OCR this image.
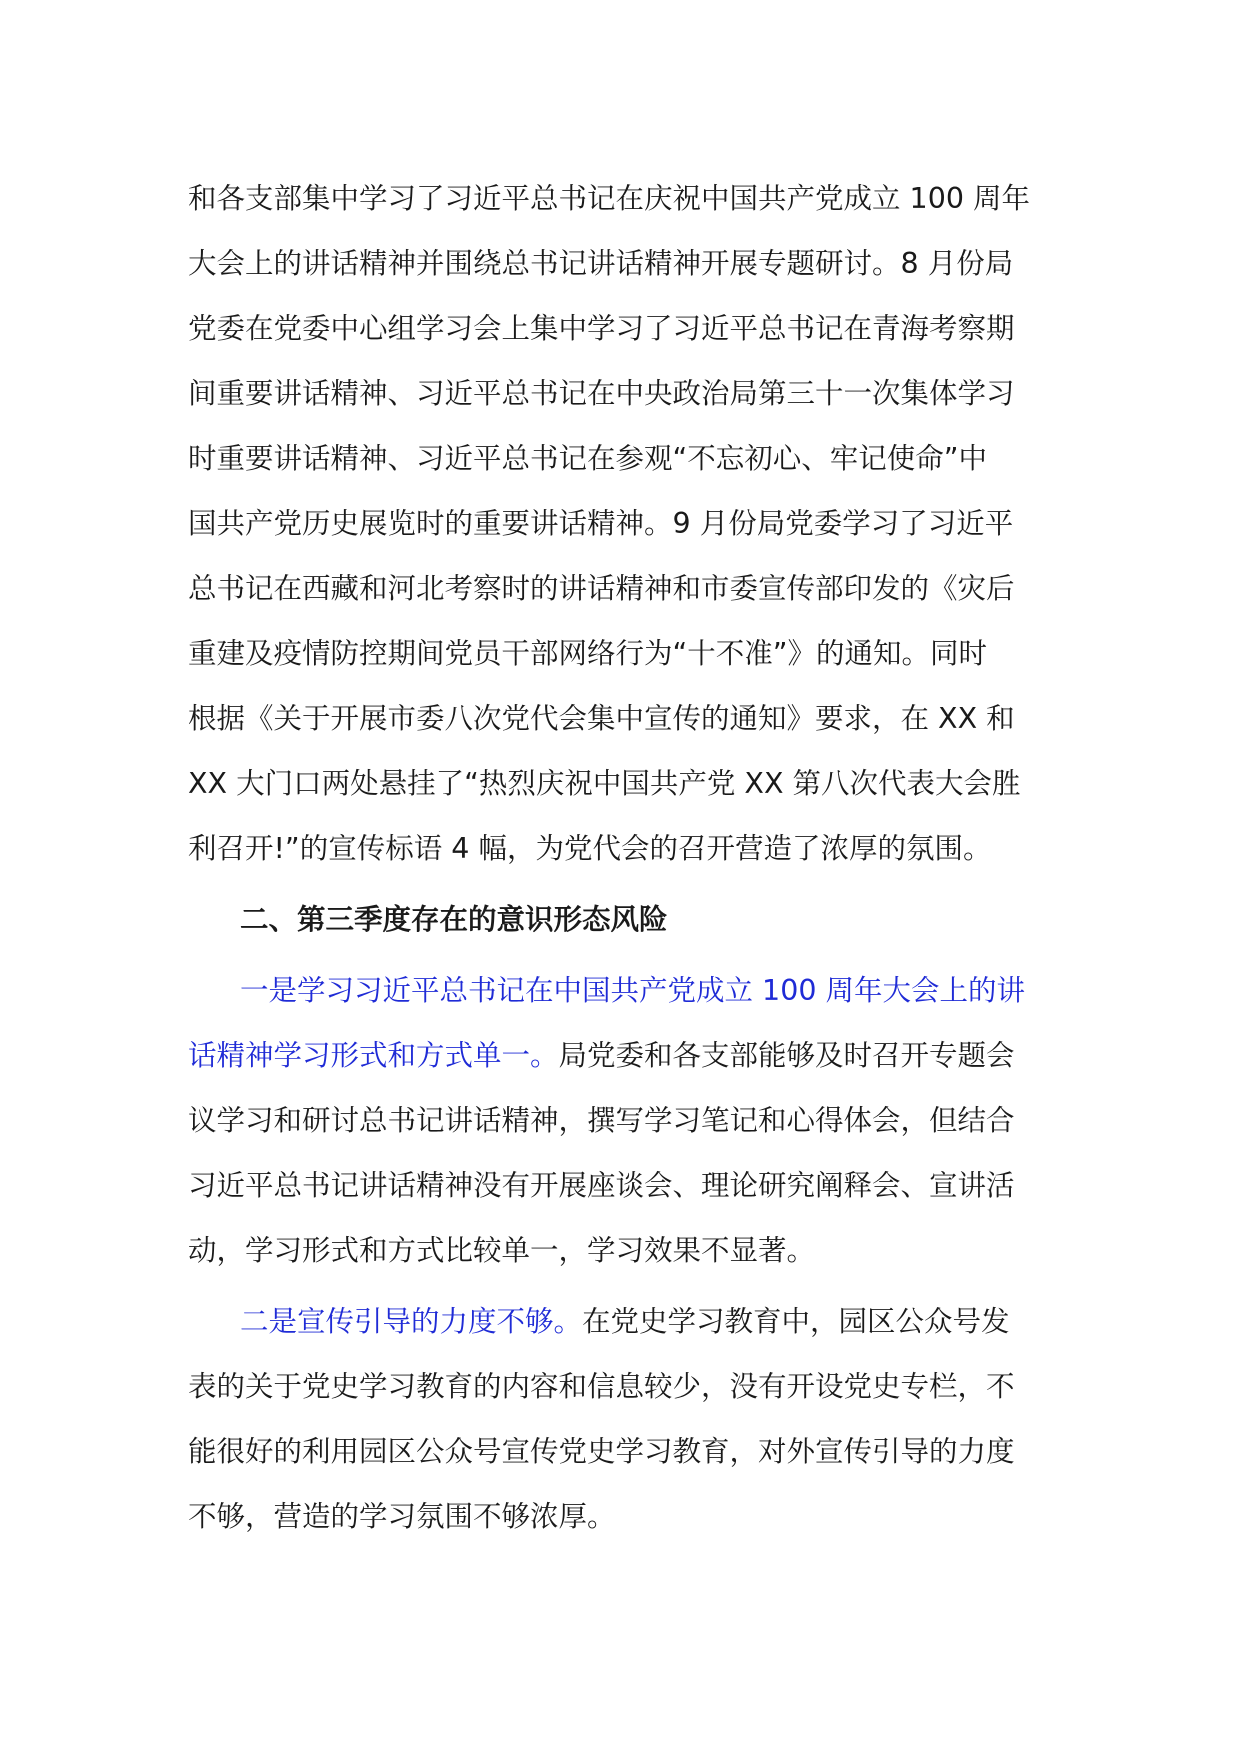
和各支部集中学习了习近平总书记在庆祝中国共产党成立 100 周年
大会上的讲话精神并围绕总书记讲话精神开展专题研讨。8 月份局
党委在党委中心组学习会上集中学习了习近平总书记在青海考察期
间重要讲话精神、习近平总书记在中央政治局第三十一次集体学习
时重要讲话精神、习近平总书记在参观“不忘初心、牢记使命”中
国共产党历史展览时的重要讲话精神。9 月份局党委学习了习近平
总书记在西藏和河北考察时的讲话精神和市委宣传部印发的《灾后
重建及疫情防控期间党员干部网络行为“十不准”》的通知。同时
根据《关于开展市委八次党代会集中宣传的通知》要求，在 XX 和
XX 大门口两处悬挂了“热烈庆祝中国共产党 XX 第八次代表大会胜
利召开!”的宣传标语 4 幅，为党代会的召开营造了浓厚的氛围。
二、第三季度存在的意识形态风险
一是学习习近平总书记在中国共产党成立 100 周年大会上的讲
话精神学习形式和方式单一。局党委和各支部能够及时召开专题会
议学习和研讨总书记讲话精神，撰写学习笔记和心得体会，但结合
习近平总书记讲话精神没有开展座谈会、理论研究阐释会、宣讲活
动，学习形式和方式比较单一，学习效果不显著。
二是宣传引导的力度不够。在党史学习教育中，园区公众号发
表的关于党史学习教育的内容和信息较少，没有开设党史专栏，不
能很好的利用园区公众号宣传党史学习教育，对外宣传引导的力度
不够，营造的学习氛围不够浓厚。
